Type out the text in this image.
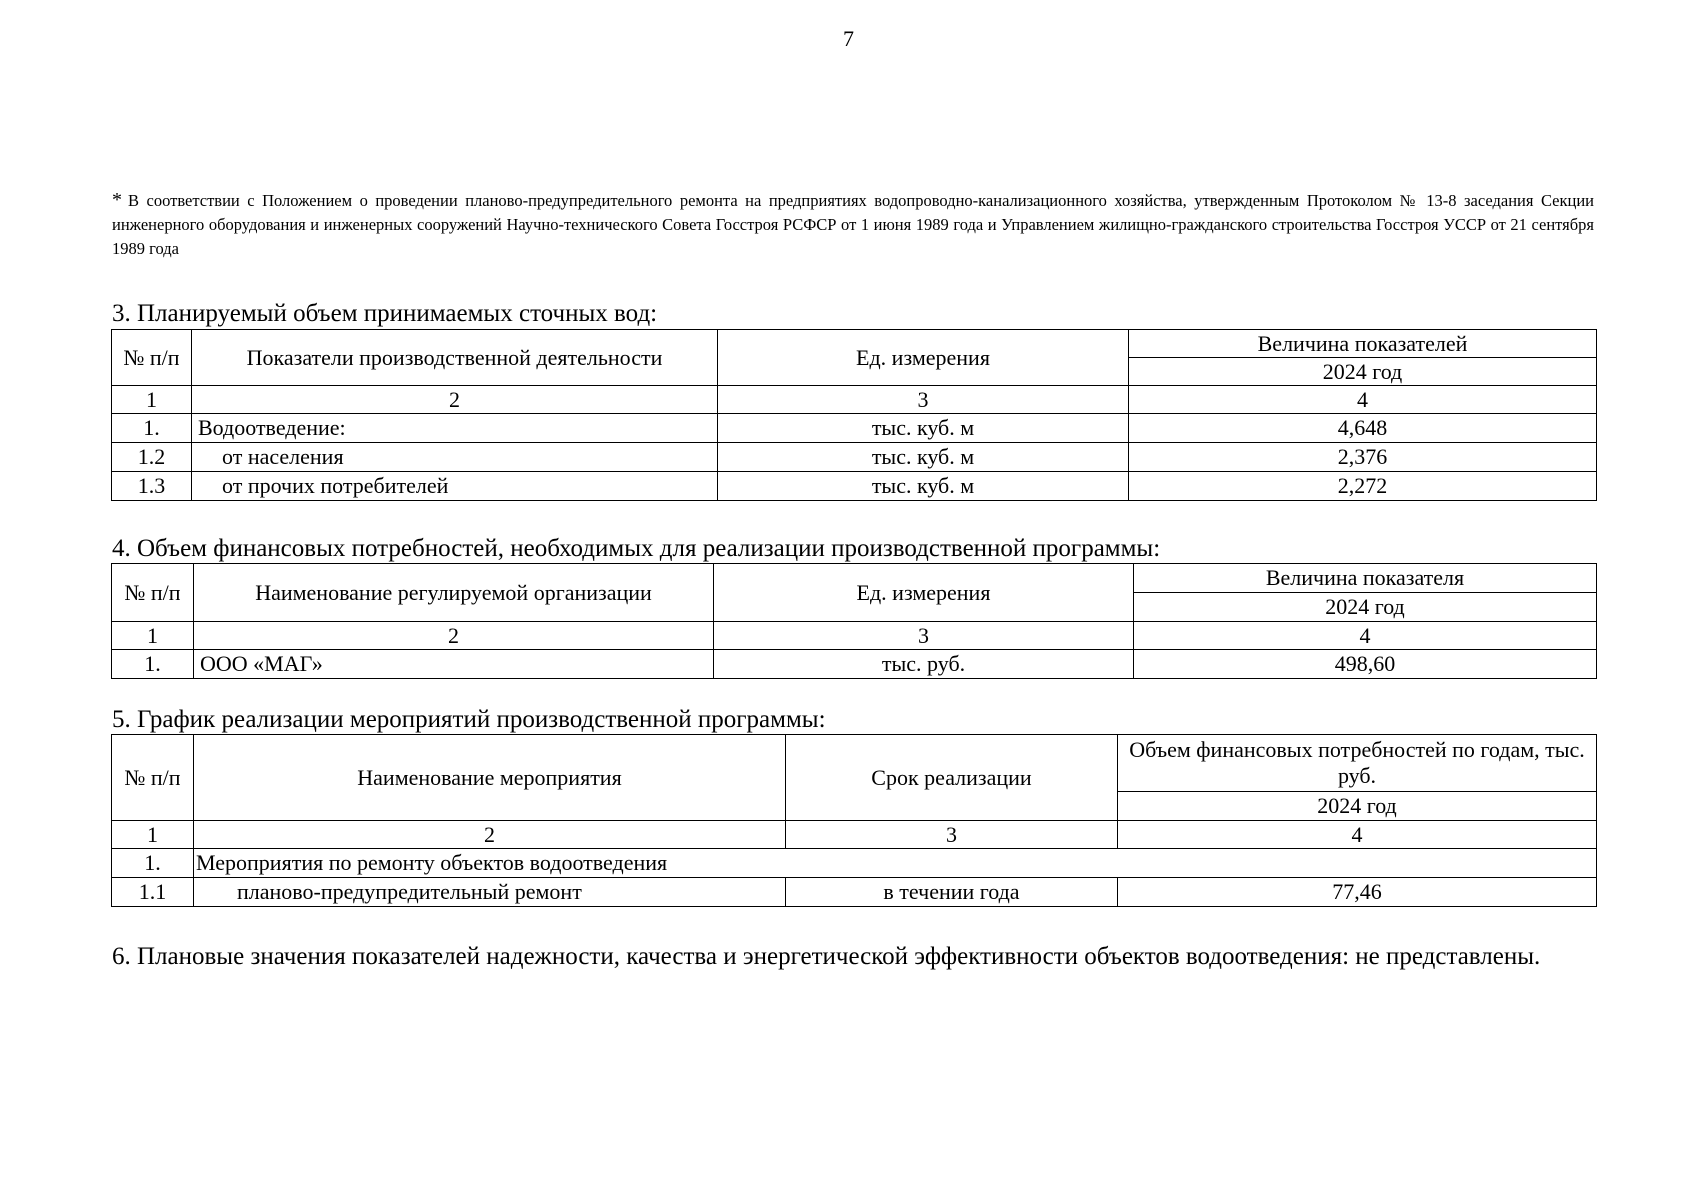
7
* В соответствии с Положением о проведении планово-предупредительного ремонта на предприятиях водопроводно-канализационного хозяйства, утвержденным Протоколом № 13-8 заседания Секции инженерного оборудования и инженерных сооружений Научно-технического Совета Госстроя РСФСР от 1 июня 1989 года и Управлением жилищно-гражданского строительства Госстроя УССР от 21 сентября 1989 года
3. Планируемый объем принимаемых сточных вод:
№ п/п	Показатели производственной деятельности	Ед. измерения	Величина показателей
			2024 год
1	2	3	4
1.	Водоотведение:	тыс. куб. м	4,648
1.2	от населения	тыс. куб. м	2,376
1.3	от прочих потребителей	тыс. куб. м	2,272
4. Объем финансовых потребностей, необходимых для реализации производственной программы:
№ п/п	Наименование регулируемой организации	Ед. измерения	Величина показателя
			2024 год
1	2	3	4
1.	ООО «МАГ»	тыс. руб.	498,60
5. График реализации мероприятий производственной программы:
№ п/п	Наименование мероприятия	Срок реализации	Объем финансовых потребностей по годам, тыс. руб.
			2024 год
1	2	3	4
1.	Мероприятия по ремонту объектов водоотведения		
1.1	планово-предупредительный ремонт	в течении года	77,46
6. Плановые значения показателей надежности, качества и энергетической эффективности объектов водоотведения: не представлены.
